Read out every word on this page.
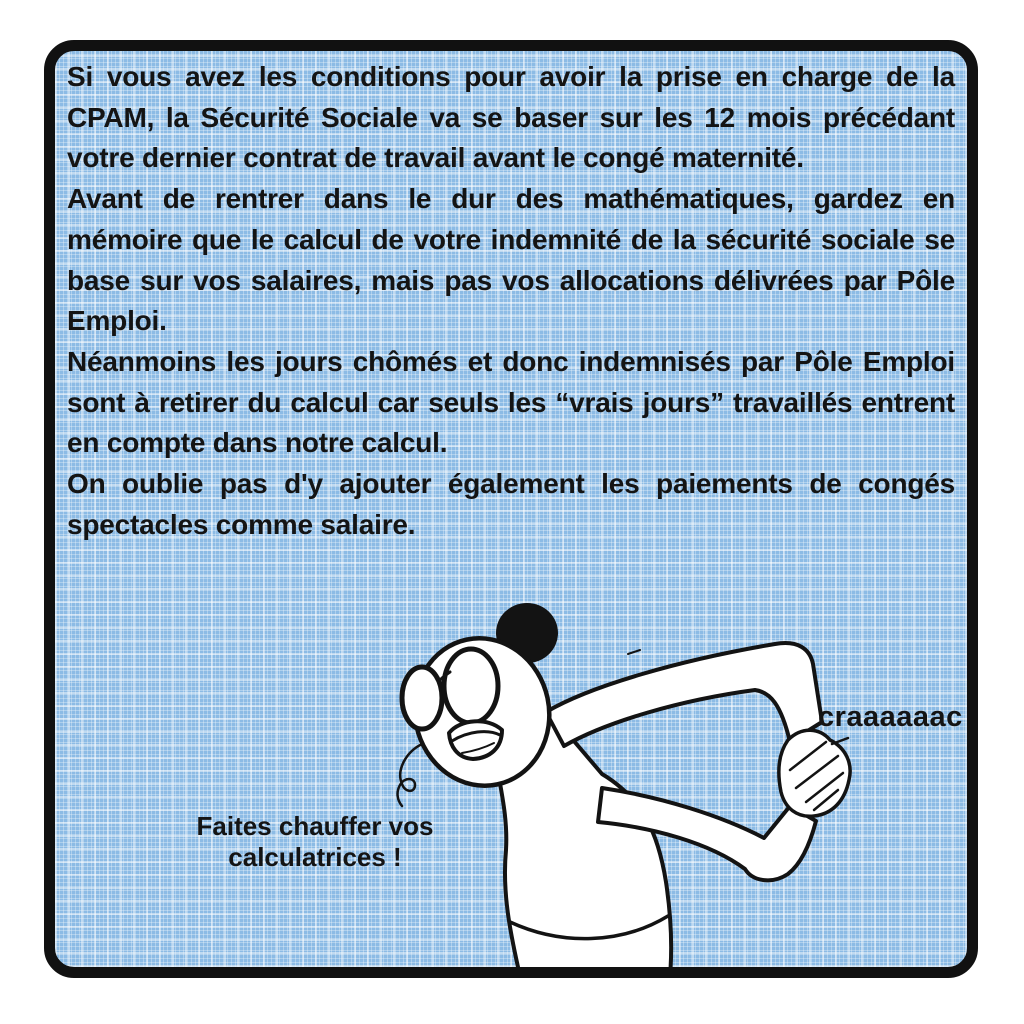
Si vous avez les conditions pour avoir la prise en charge de la CPAM, la Sécurité Sociale va se baser sur les 12 mois précédant votre dernier contrat de travail avant le congé maternité.

Avant de rentrer dans le dur des mathématiques, gardez en mémoire que le calcul de votre indemnité de la sécurité sociale se base sur vos salaires, mais pas vos allocations délivrées par Pôle Emploi.

Néanmoins les jours chômés et donc indemnisés par Pôle Emploi sont à retirer du calcul car seuls les “vrais jours” travaillés entrent en compte dans notre calcul.

On oublie pas d'y ajouter également les paiements de congés spectacles comme salaire.

Faites chauffer vos
calculatrices !
craaaaaac
